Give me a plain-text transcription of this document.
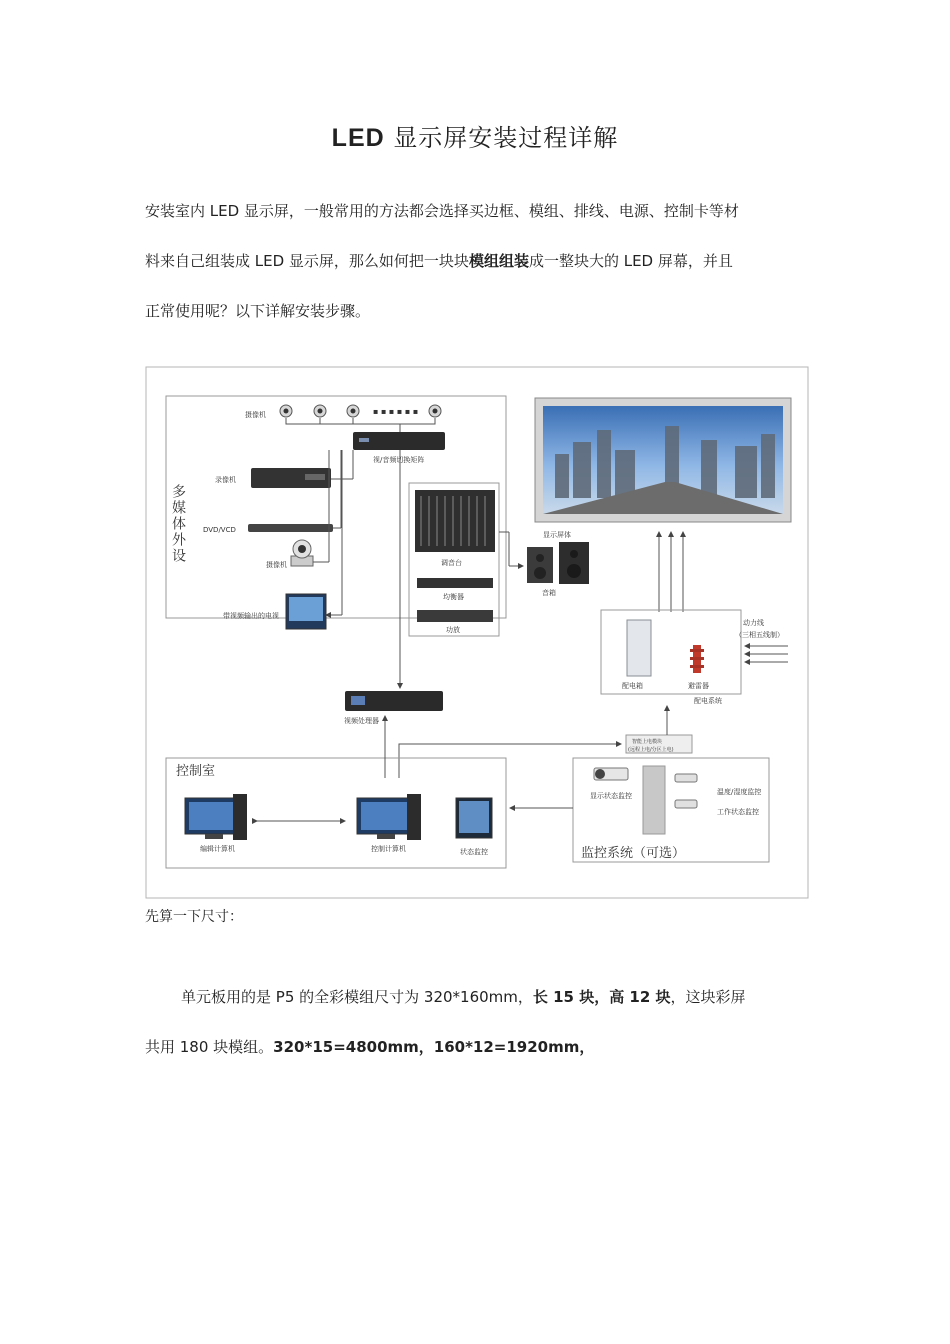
LED 显示屏安装过程详解
安装室内 LED 显示屏，一般常用的方法都会选择买边框、模组、排线、电源、控制卡等材
料来自己组装成 LED 显示屏，那么如何把一块块模组组装成一整块大的 LED 屏幕，并且
正常使用呢？以下详解安装步骤。
多媒体外设
摄像机	▪ ▪ ▪ ▪ ▪ ▪
视/音频切换矩阵
录像机
DVD/VCD
摄像机
带视频输出的电视
调音台
均衡器
功放
音箱
显示屏体
配电箱	避雷器
配电系统
动力线
（三相五线制）
视频处理器
智能上电模块
(远程上电/分区上电)
控制室
编辑计算机	控制计算机	状态监控
显示状态监控	温度/湿度监控
工作状态监控
监控系统（可选）
先算一下尺寸：
单元板用的是 P5 的全彩模组尺寸为 320*160mm，长 15 块，高 12 块，这块彩屏
共用 180 块模组。320*15=4800mm，160*12=1920mm，
